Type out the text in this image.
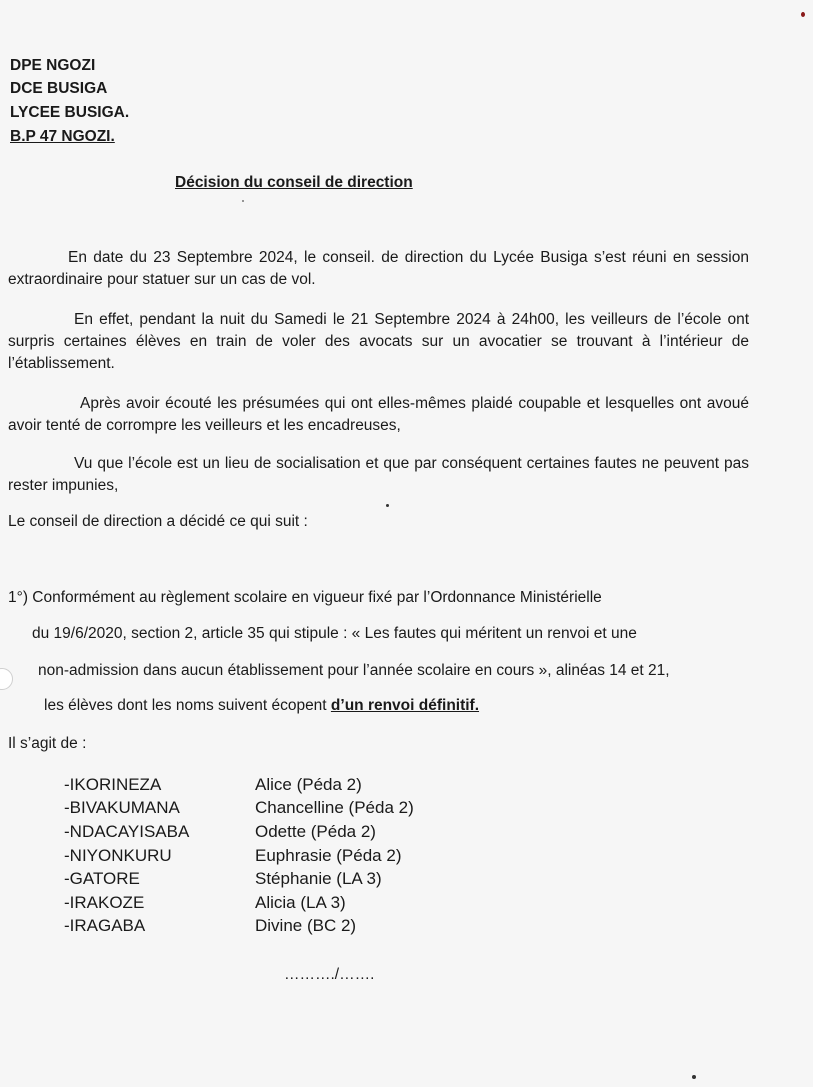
DPE NGOZI
DCE BUSIGA
LYCEE BUSIGA.
B.P 47 NGOZI.
Décision du conseil de direction
En date du 23 Septembre 2024, le conseil. de direction du Lycée Busiga s’est réuni en session extraordinaire pour statuer sur un cas de vol.
En effet, pendant la nuit du Samedi le 21 Septembre 2024 à 24h00, les veilleurs de l’école ont surpris certaines élèves en train de voler des avocats sur un avocatier se trouvant à l’intérieur de l’établissement.
Après avoir écouté les présumées qui ont elles-mêmes plaidé coupable et lesquelles ont avoué avoir tenté de corrompre les veilleurs et les encadreuses,
Vu que l’école est un lieu de socialisation et que par conséquent certaines fautes ne peuvent pas rester impunies,
Le conseil de direction a décidé ce qui suit :
1°) Conformément au règlement scolaire en vigueur fixé par l’Ordonnance Ministérielle
du 19/6/2020, section 2, article 35 qui stipule : « Les fautes qui méritent un renvoi et une
non-admission dans aucun établissement pour l’année scolaire en cours », alinéas 14 et 21,
les élèves dont les noms suivent écopent d’un renvoi définitif.
Il s’agit de :
-IKORINEZA	Alice (Péda 2)
-BIVAKUMANA	Chancelline (Péda 2)
-NDACAYISABA	Odette (Péda 2)
-NIYONKURU	Euphrasie (Péda 2)
-GATORE	Stéphanie (LA 3)
-IRAKOZE	Alicia (LA 3)
-IRAGABA	Divine (BC 2)
………./…….
